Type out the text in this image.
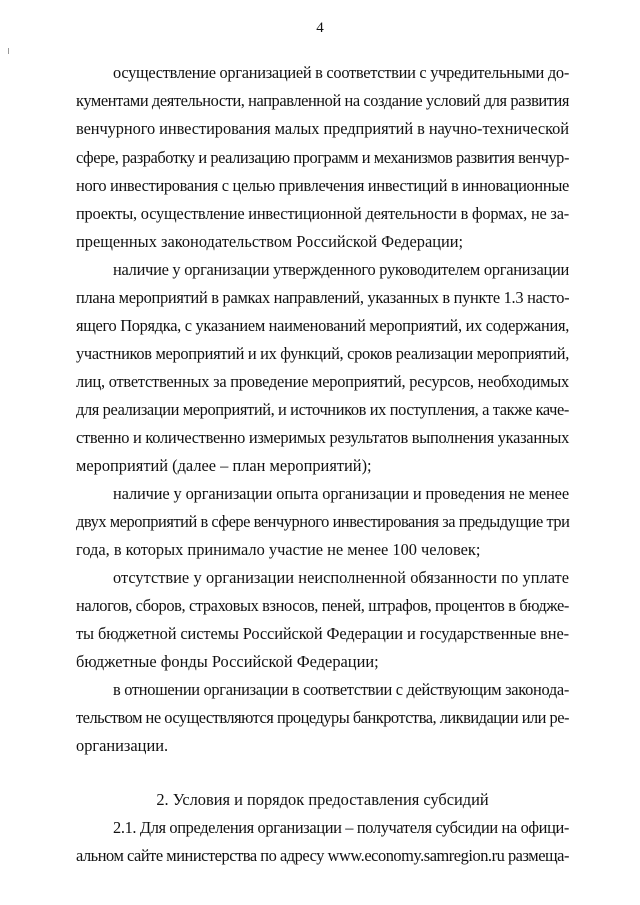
4
осуществление организацией в соответствии с учредительными до-
кументами деятельности, направленной на создание условий для развития
венчурного инвестирования малых предприятий в научно-технической
сфере, разработку и реализацию программ и механизмов развития венчур-
ного инвестирования с целью привлечения инвестиций в инновационные
проекты, осуществление инвестиционной деятельности в формах, не за-
прещенных законодательством Российской Федерации;
наличие у организации утвержденного руководителем организации
плана мероприятий в рамках направлений, указанных в пункте 1.3 насто-
ящего Порядка, с указанием наименований мероприятий, их содержания,
участников мероприятий и их функций, сроков реализации мероприятий,
лиц, ответственных за проведение мероприятий, ресурсов, необходимых
для реализации мероприятий, и источников их поступления, а также каче-
ственно и количественно измеримых результатов выполнения указанных
мероприятий (далее – план мероприятий);
наличие у организации опыта организации и проведения не менее
двух мероприятий в сфере венчурного инвестирования за предыдущие три
года, в которых принимало участие не менее 100 человек;
отсутствие у организации неисполненной обязанности по уплате
налогов, сборов, страховых взносов, пеней, штрафов, процентов в бюдже-
ты бюджетной системы Российской Федерации и государственные вне-
бюджетные фонды Российской Федерации;
в отношении организации в соответствии с действующим законода-
тельством не осуществляются процедуры банкротства, ликвидации или ре-
организации.
2. Условия и порядок предоставления субсидий
2.1. Для определения организации – получателя субсидии на офици-
альном сайте министерства по адресу www.economy.samregion.ru размеща-
